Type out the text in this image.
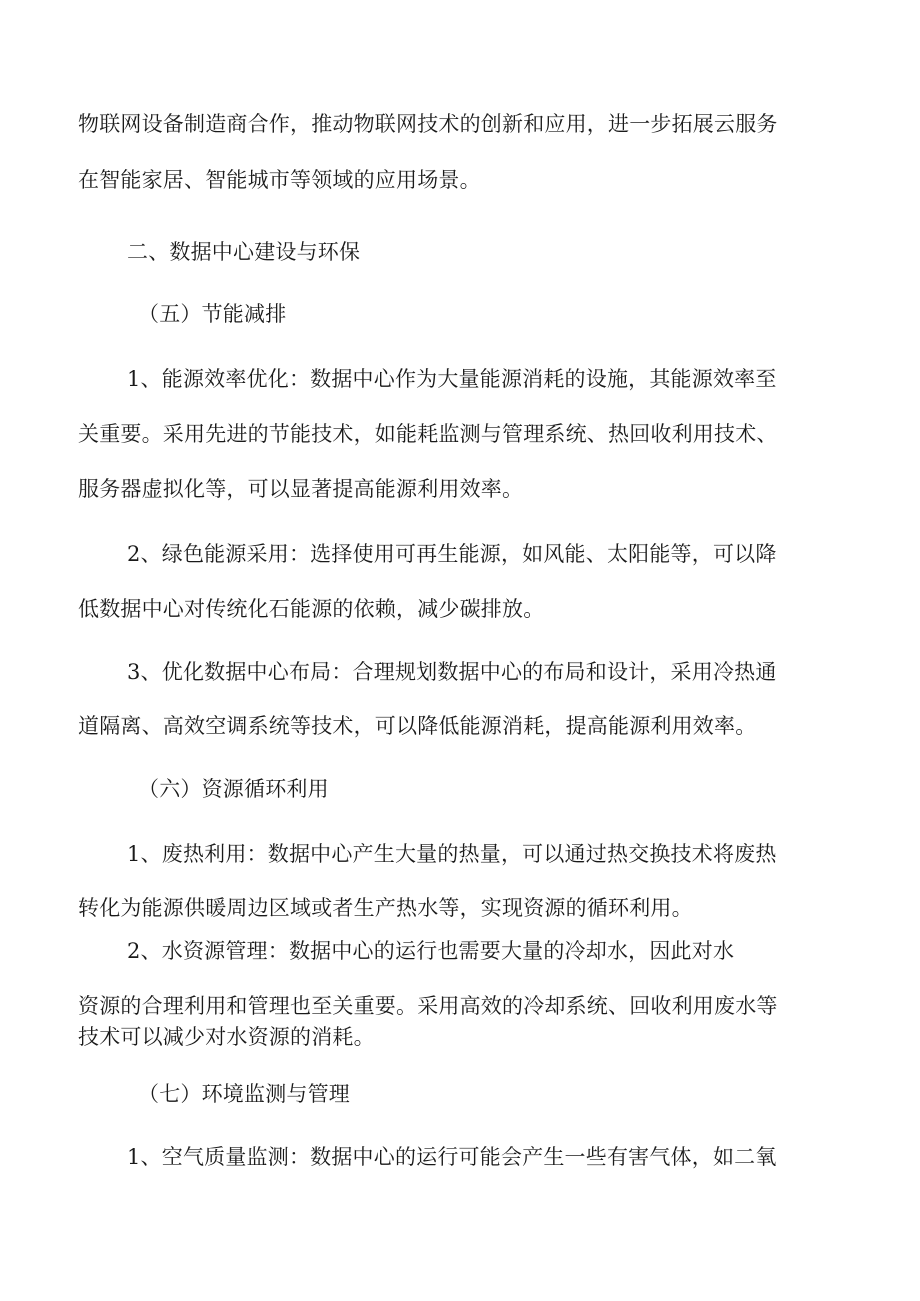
物联网设备制造商合作，推动物联网技术的创新和应用，进一步拓展云服务
在智能家居、智能城市等领域的应用场景。
二、数据中心建设与环保
（五）节能减排
1、能源效率优化：数据中心作为大量能源消耗的设施，其能源效率至
关重要。采用先进的节能技术，如能耗监测与管理系统、热回收利用技术、
服务器虚拟化等，可以显著提高能源利用效率。
2、绿色能源采用：选择使用可再生能源，如风能、太阳能等，可以降
低数据中心对传统化石能源的依赖，减少碳排放。
3、优化数据中心布局：合理规划数据中心的布局和设计，采用冷热通
道隔离、高效空调系统等技术，可以降低能源消耗，提高能源利用效率。
（六）资源循环利用
1、废热利用：数据中心产生大量的热量，可以通过热交换技术将废热
转化为能源供暖周边区域或者生产热水等，实现资源的循环利用。
2、水资源管理：数据中心的运行也需要大量的冷却水，因此对水
资源的合理利用和管理也至关重要。采用高效的冷却系统、回收利用废水等
技术可以减少对水资源的消耗。
（七）环境监测与管理
1、空气质量监测：数据中心的运行可能会产生一些有害气体，如二氧
